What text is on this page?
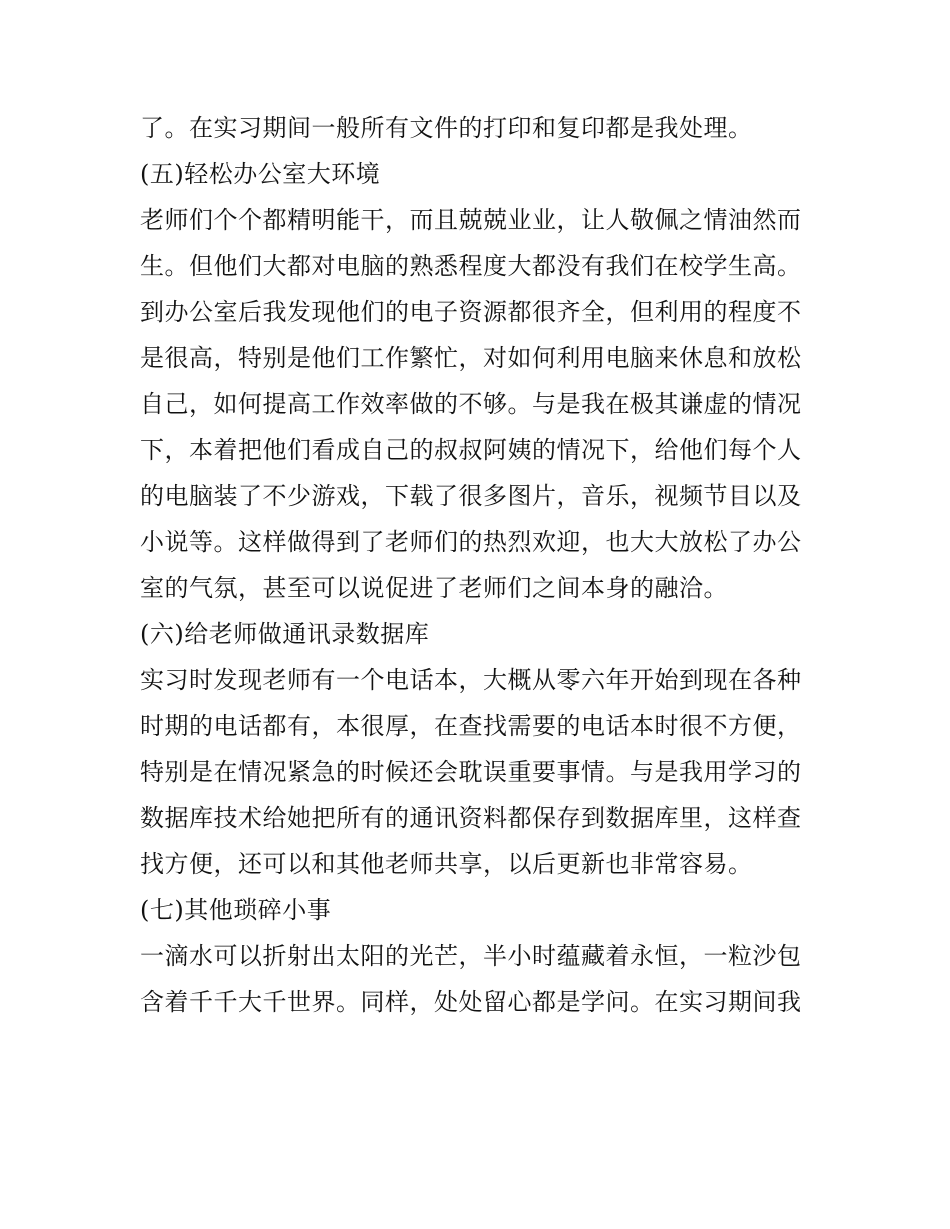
了。在实习期间一般所有文件的打印和复印都是我处理。
(五)轻松办公室大环境
老师们个个都精明能干，而且兢兢业业，让人敬佩之情油然而
生。但他们大都对电脑的熟悉程度大都没有我们在校学生高。
到办公室后我发现他们的电子资源都很齐全，但利用的程度不
是很高，特别是他们工作繁忙，对如何利用电脑来休息和放松
自己，如何提高工作效率做的不够。与是我在极其谦虚的情况
下，本着把他们看成自己的叔叔阿姨的情况下，给他们每个人
的电脑装了不少游戏，下载了很多图片，音乐，视频节目以及
小说等。这样做得到了老师们的热烈欢迎，也大大放松了办公
室的气氛，甚至可以说促进了老师们之间本身的融洽。
(六)给老师做通讯录数据库
实习时发现老师有一个电话本，大概从零六年开始到现在各种
时期的电话都有，本很厚，在查找需要的电话本时很不方便，
特别是在情况紧急的时候还会耽误重要事情。与是我用学习的
数据库技术给她把所有的通讯资料都保存到数据库里，这样查
找方便，还可以和其他老师共享，以后更新也非常容易。
(七)其他琐碎小事
一滴水可以折射出太阳的光芒，半小时蕴藏着永恒，一粒沙包
含着千千大千世界。同样，处处留心都是学问。在实习期间我
